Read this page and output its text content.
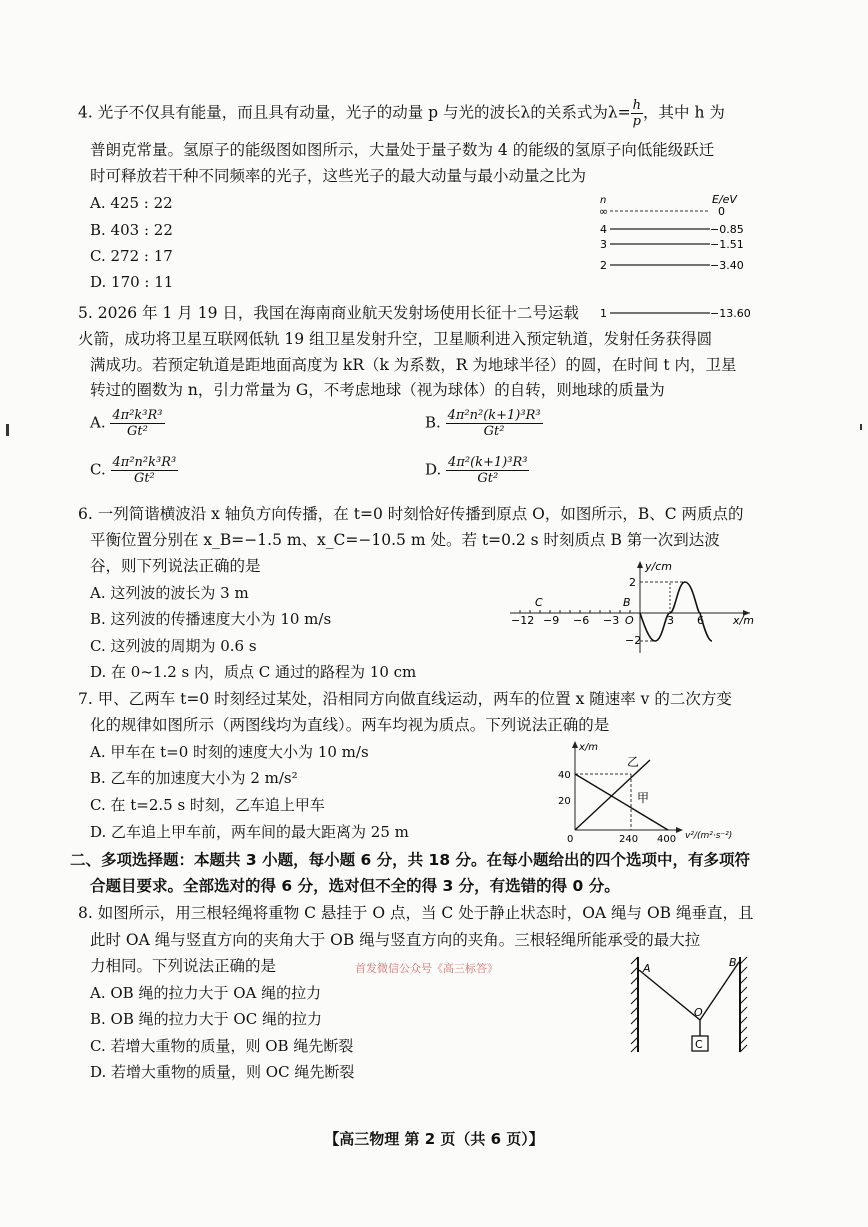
4. 光子不仅具有能量，而且具有动量，光子的动量 p 与光的波长λ的关系式为$\lambda= \frac{h}{p}$ ，其中 h 为
普朗克常量。氢原子的能级图如图所示，大量处于量子数为 4 的能级的氢原子向低能级跃迁
时可释放若干种不同频率的光子，这些光子的最大动量与最小动量之比为
A. 425 : 22
B. 403 : 22
C. 272 : 17
D. 170 : 11
n	E/eV
∞	0
4	−0.85
3	−1.51
2	−3.40
1	−13.60
5. 2026 年 1 月 19 日，我国在海南商业航天发射场使用长征十二号运载
火箭，成功将卫星互联网低轨 19 组卫星发射升空，卫星顺利进入预定轨道，发射任务获得圆
满成功。若预定轨道是距地面高度为 kR（k 为系数，R 为地球半径）的圆，在时间 t 内，卫星
转过的圈数为 n，引力常量为 G，不考虑地球（视为球体）的自转，则地球的质量为
A. $\frac{\text{4π²k³R³}}{\text{Gt²}}$	B. $\frac{\text{4π²n²(k+1)³R³}}{\text{Gt²}}$
C. $\frac{\text{4π²n²k³R³}}{\text{Gt²}}$	D. $\frac{\text{4π²(k+1)³R³}}{\text{Gt²}}$
6. 一列简谐横波沿 x 轴负方向传播，在 t=0 时刻恰好传播到原点 O，如图所示，B、C 两质点的
平衡位置分别在 x_B=−1.5 m、x_C=−10.5 m 处。若 t=0.2 s 时刻质点 B 第一次到达波
谷，则下列说法正确的是
A. 这列波的波长为 3 m
B. 这列波的传播速度大小为 10 m/s
C. 这列波的周期为 0.6 s
D. 在 0~1.2 s 内，质点 C 通过的路程为 10 cm
y/cm
x/m
−12 −9 −6 −3 O	3 6
2
−2
B
C
7. 甲、乙两车 t=0 时刻经过某处，沿相同方向做直线运动，两车的位置 x 随速率 v 的二次方变
化的规律如图所示（两图线均为直线）。两车均视为质点。下列说法正确的是
A. 甲车在 t=0 时刻的速度大小为 10 m/s
B. 乙车的加速度大小为 2 m/s²
C. 在 t=2.5 s 时刻，乙车追上甲车
D. 乙车追上甲车前，两车间的最大距离为 25 m
x/m
v²/(m²·s⁻²)
40
20
0	240 400
乙
甲
二、多项选择题：本题共 3 小题，每小题 6 分，共 18 分。在每小题给出的四个选项中，有多项符
合题目要求。全部选对的得 6 分，选对但不全的得 3 分，有选错的得 0 分。
8. 如图所示，用三根轻绳将重物 C 悬挂于 O 点，当 C 处于静止状态时，OA 绳与 OB 绳垂直，且
此时 OA 绳与竖直方向的夹角大于 OB 绳与竖直方向的夹角。三根轻绳所能承受的最大拉
力相同。下列说法正确的是	首发微信公众号《高三标答》
A. OB 绳的拉力大于 OA 绳的拉力
B. OB 绳的拉力大于 OC 绳的拉力
C. 若增大重物的质量，则 OB 绳先断裂
D. 若增大重物的质量，则 OC 绳先断裂
C
A	B
O
【高三物理 第 2 页（共 6 页）】
